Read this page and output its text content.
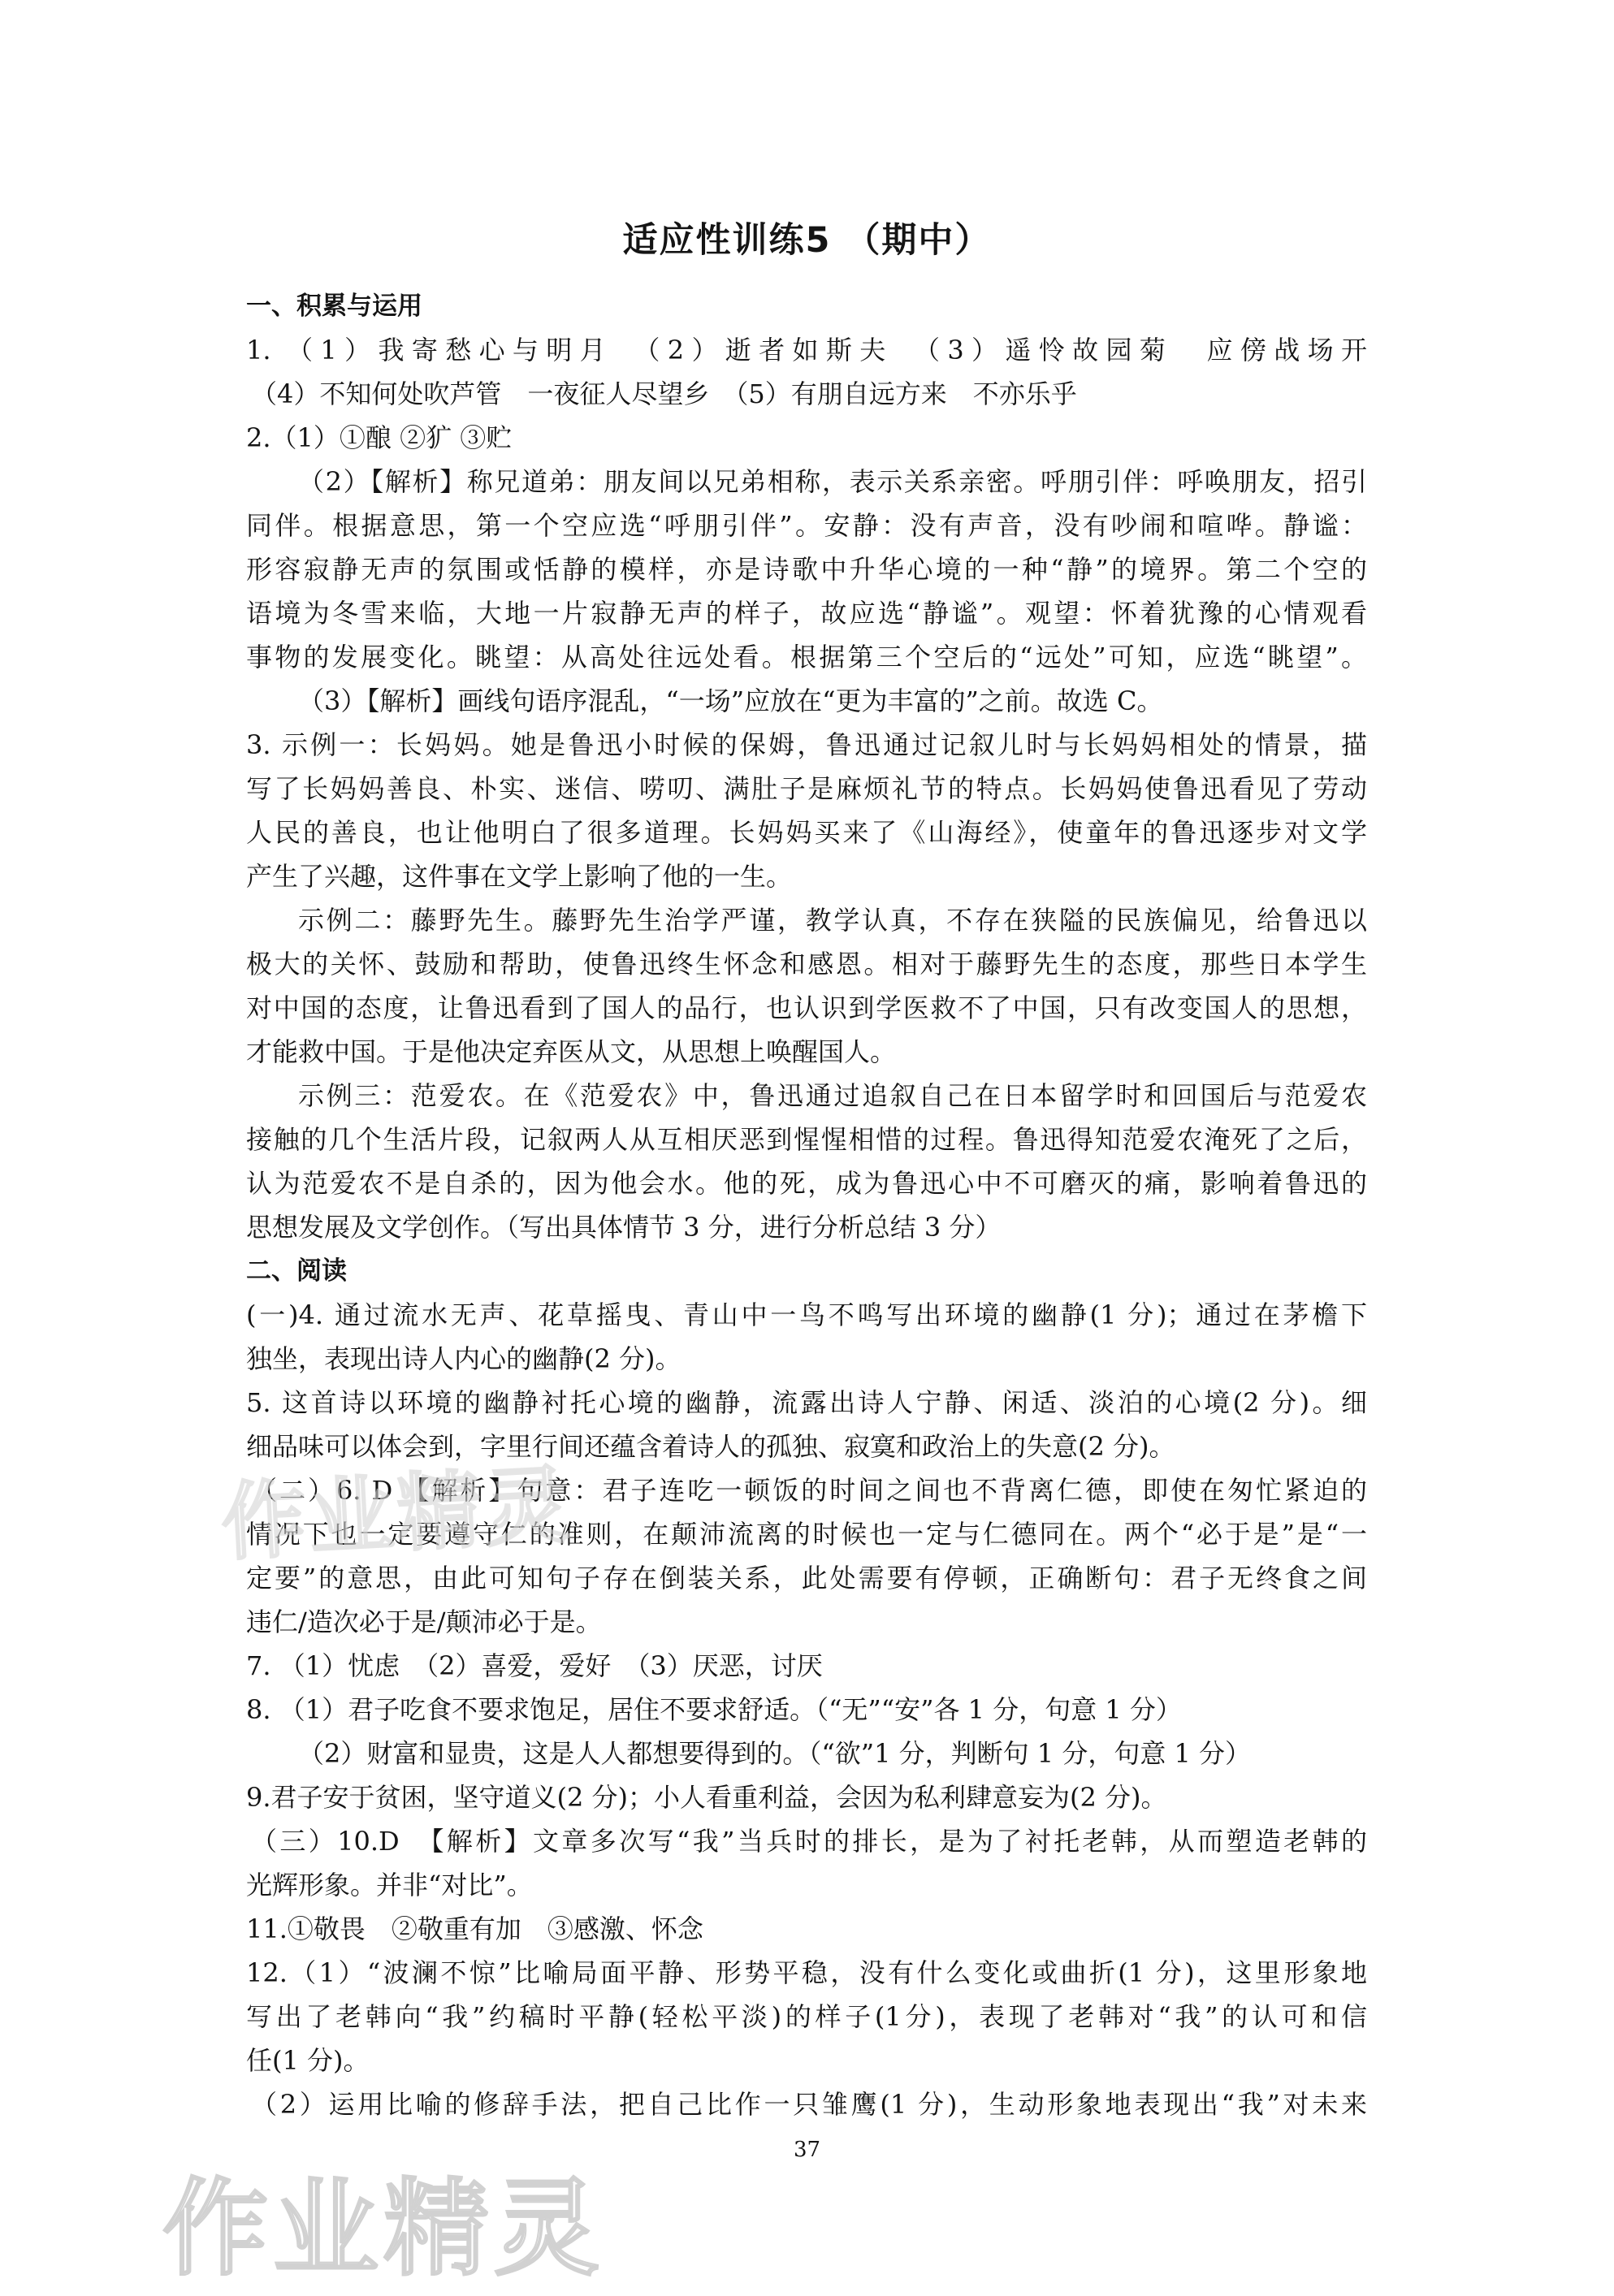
适应性训练5 （期中）
一、积累与运用
1. （1）我寄愁心与明月　（2）逝者如斯夫　（3）遥怜故园菊　应傍战场开
（4）不知何处吹芦管　一夜征人尽望乡　（5）有朋自远方来　不亦乐乎
2.（1）①酿 ②犷 ③贮
（2）【解析】称兄道弟：朋友间以兄弟相称，表示关系亲密。呼朋引伴：呼唤朋友，招引
同伴。根据意思，第一个空应选“呼朋引伴”。安静：没有声音，没有吵闹和喧哗。静谧：
形容寂静无声的氛围或恬静的模样，亦是诗歌中升华心境的一种“静”的境界。第二个空的
语境为冬雪来临，大地一片寂静无声的样子，故应选“静谧”。观望：怀着犹豫的心情观看
事物的发展变化。眺望：从高处往远处看。根据第三个空后的“远处”可知，应选“眺望”。
（3）【解析】画线句语序混乱，“一场”应放在“更为丰富的”之前。故选 C。
3. 示例一：长妈妈。她是鲁迅小时候的保姆，鲁迅通过记叙儿时与长妈妈相处的情景，描
写了长妈妈善良、朴实、迷信、唠叨、满肚子是麻烦礼节的特点。长妈妈使鲁迅看见了劳动
人民的善良，也让他明白了很多道理。长妈妈买来了《山海经》，使童年的鲁迅逐步对文学
产生了兴趣，这件事在文学上影响了他的一生。
示例二：藤野先生。藤野先生治学严谨，教学认真，不存在狭隘的民族偏见，给鲁迅以
极大的关怀、鼓励和帮助，使鲁迅终生怀念和感恩。相对于藤野先生的态度，那些日本学生
对中国的态度，让鲁迅看到了国人的品行，也认识到学医救不了中国，只有改变国人的思想，
才能救中国。于是他决定弃医从文，从思想上唤醒国人。
示例三：范爱农。在《范爱农》中，鲁迅通过追叙自己在日本留学时和回国后与范爱农
接触的几个生活片段，记叙两人从互相厌恶到惺惺相惜的过程。鲁迅得知范爱农淹死了之后，
认为范爱农不是自杀的，因为他会水。他的死，成为鲁迅心中不可磨灭的痛，影响着鲁迅的
思想发展及文学创作。（写出具体情节 3 分，进行分析总结 3 分）
二、阅读
(一)4. 通过流水无声、花草摇曳、青山中一鸟不鸣写出环境的幽静(1 分)；通过在茅檐下
独坐，表现出诗人内心的幽静(2 分)。
5. 这首诗以环境的幽静衬托心境的幽静，流露出诗人宁静、闲适、淡泊的心境(2 分)。细
细品味可以体会到，字里行间还蕴含着诗人的孤独、寂寞和政治上的失意(2 分)。
（二）6. D 【解析】句意：君子连吃一顿饭的时间之间也不背离仁德，即使在匆忙紧迫的
情况下也一定要遵守仁的准则，在颠沛流离的时候也一定与仁德同在。两个“必于是”是“一
定要”的意思，由此可知句子存在倒装关系，此处需要有停顿，正确断句：君子无终食之间
违仁/造次必于是/颠沛必于是。
7. （1）忧虑　（2）喜爱，爱好　（3）厌恶，讨厌
8. （1）君子吃食不要求饱足，居住不要求舒适。（“无”“安”各 1 分，句意 1 分）
（2）财富和显贵，这是人人都想要得到的。（“欲”1 分，判断句 1 分，句意 1 分）
9.君子安于贫困，坚守道义(2 分)；小人看重利益，会因为私利肆意妄为(2 分)。
（三）10.D　【解析】文章多次写“我”当兵时的排长，是为了衬托老韩，从而塑造老韩的
光辉形象。并非“对比”。
11.①敬畏　②敬重有加　③感激、怀念
12.（1）“波澜不惊”比喻局面平静、形势平稳，没有什么变化或曲折(1 分)，这里形象地
写出了老韩向“我”约稿时平静(轻松平淡)的样子(1分)，表现了老韩对“我”的认可和信
任(1 分)。
（2）运用比喻的修辞手法，把自己比作一只雏鹰(1 分)，生动形象地表现出“我”对未来
作业精灵
37
作业精灵
